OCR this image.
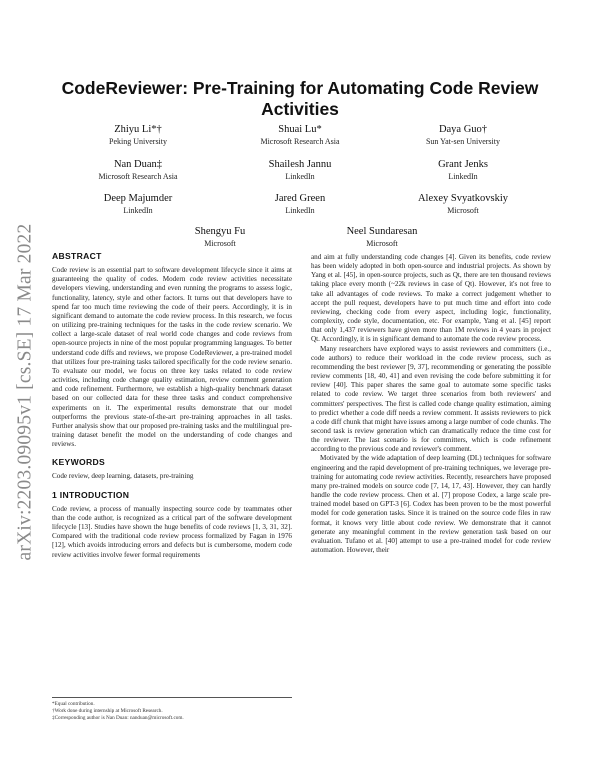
arXiv:2203.09095v1 [cs.SE] 17 Mar 2022
CodeReviewer: Pre-Training for Automating Code Review Activities
Zhiyu Li*†
Peking University
Shuai Lu*
Microsoft Research Asia
Daya Guo†
Sun Yat-sen University
Nan Duan‡
Microsoft Research Asia
Shailesh Jannu
LinkedIn
Grant Jenks
LinkedIn
Deep Majumder
LinkedIn
Jared Green
LinkedIn
Alexey Svyatkovskiy
Microsoft
Shengyu Fu
Microsoft
Neel Sundaresan
Microsoft
ABSTRACT

Code review is an essential part to software development lifecycle since it aims at guaranteeing the quality of codes. Modern code review activities necessitate developers viewing, understanding and even running the programs to assess logic, functionality, latency, style and other factors. It turns out that developers have to spend far too much time reviewing the code of their peers. Accordingly, it is in significant demand to automate the code review process. In this research, we focus on utilizing pre-training techniques for the tasks in the code review scenario. We collect a large-scale dataset of real world code changes and code reviews from open-source projects in nine of the most popular programming languages. To better understand code diffs and reviews, we propose CodeReviewer, a pre-trained model that utilizes four pre-training tasks tailored specifically for the code review senario. To evaluate our model, we focus on three key tasks related to code review activities, including code change quality estimation, review comment generation and code refinement. Furthermore, we establish a high-quality benchmark dataset based on our collected data for these three tasks and conduct comprehensive experiments on it. The experimental results demonstrate that our model outperforms the previous state-of-the-art pre-training approaches in all tasks. Further analysis show that our proposed pre-training tasks and the multilingual pre-training dataset benefit the model on the understanding of code changes and reviews.

KEYWORDS

Code review, deep learning, datasets, pre-training

1 INTRODUCTION

Code review, a process of manually inspecting source code by teammates other than the code author, is recognized as a critical part of the software development lifecycle [13]. Studies have shown the huge benefits of code reviews [1, 3, 31, 32]. Compared with the traditional code review process formalized by Fagan in 1976 [12], which avoids introducing errors and defects but is cumbersome, modern code review activities involve fewer formal requirements

*Equal contribution.
†Work done during internship at Microsoft Research.
‡Corresponding author is Nan Duan: nanduan@microsoft.com.

and aim at fully understanding code changes [4]. Given its benefits, code review has been widely adopted in both open-source and industrial projects. As shown by Yang et al. [45], in open-source projects, such as Qt, there are ten thousand reviews taking place every month (~22k reviews in case of Qt). However, it's not free to take all advantages of code reviews. To make a correct judgement whether to accept the pull request, developers have to put much time and effort into code reviewing, checking code from every aspect, including logic, functionality, complexity, code style, documentation, etc. For example, Yang et al. [45] report that only 1,437 reviewers have given more than 1M reviews in 4 years in project Qt. Accordingly, it is in significant demand to automate the code review process.

Many researchers have explored ways to assist reviewers and committers (i.e., code authors) to reduce their workload in the code review process, such as recommending the best reviewer [9, 37], recommending or generating the possible review comments [18, 40, 41] and even revising the code before submitting it for review [40]. This paper shares the same goal to automate some specific tasks related to code review. We target three scenarios from both reviewers' and committers' perspectives. The first is called code change quality estimation, aiming to predict whether a code diff needs a review comment. It assists reviewers to pick a code diff chunk that might have issues among a large number of code chunks. The second task is review generation which can dramatically reduce the time cost for the reviewer. The last scenario is for committers, which is code refinement according to the previous code and reviewer's comment.

Motivated by the wide adaptation of deep learning (DL) techniques for software engineering and the rapid development of pre-training techniques, we leverage pre-training for automating code review activities. Recently, researchers have proposed many pre-trained models on source code [7, 14, 17, 43]. However, they can hardly handle the code review process. Chen et al. [7] propose Codex, a large scale pre-trained model based on GPT-3 [6]. Codex has been proven to be the most powerful model for code generation tasks. Since it is trained on the source code files in raw format, it knows very little about code review. We demonstrate that it cannot generate any meaningful comment in the review generation task based on our evaluation. Tufano et al. [40] attempt to use a pre-trained model for code review automation. However, their
